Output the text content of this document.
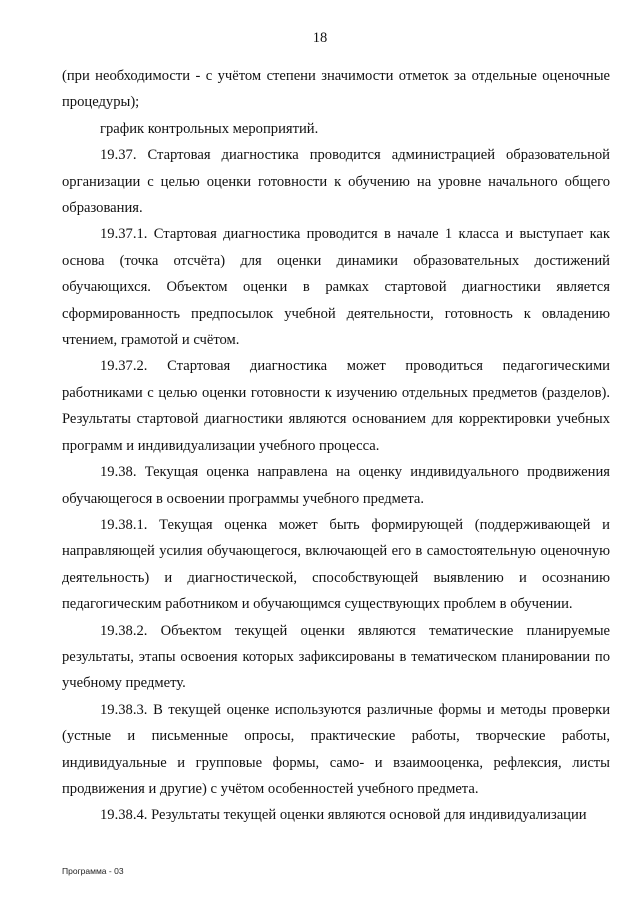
18

(при необходимости - с учётом степени значимости отметок за отдельные оценочные процедуры);

график контрольных мероприятий.

19.37. Стартовая диагностика проводится администрацией образовательной организации с целью оценки готовности к обучению на уровне начального общего образования.

19.37.1. Стартовая диагностика проводится в начале 1 класса и выступает как основа (точка отсчёта) для оценки динамики образовательных достижений обучающихся. Объектом оценки в рамках стартовой диагностики является сформированность предпосылок учебной деятельности, готовность к овладению чтением, грамотой и счётом.

19.37.2. Стартовая диагностика может проводиться педагогическими работниками с целью оценки готовности к изучению отдельных предметов (разделов). Результаты стартовой диагностики являются основанием для корректировки учебных программ и индивидуализации учебного процесса.

19.38. Текущая оценка направлена на оценку индивидуального продвижения обучающегося в освоении программы учебного предмета.

19.38.1. Текущая оценка может быть формирующей (поддерживающей и направляющей усилия обучающегося, включающей его в самостоятельную оценочную деятельность) и диагностической, способствующей выявлению и осознанию педагогическим работником и обучающимся существующих проблем в обучении.

19.38.2. Объектом текущей оценки являются тематические планируемые результаты, этапы освоения которых зафиксированы в тематическом планировании по учебному предмету.

19.38.3. В текущей оценке используются различные формы и методы проверки (устные и письменные опросы, практические работы, творческие работы, индивидуальные и групповые формы, само- и взаимооценка, рефлексия, листы продвижения и другие) с учётом особенностей учебного предмета.

19.38.4. Результаты текущей оценки являются основой для индивидуализации

Программа - 03
